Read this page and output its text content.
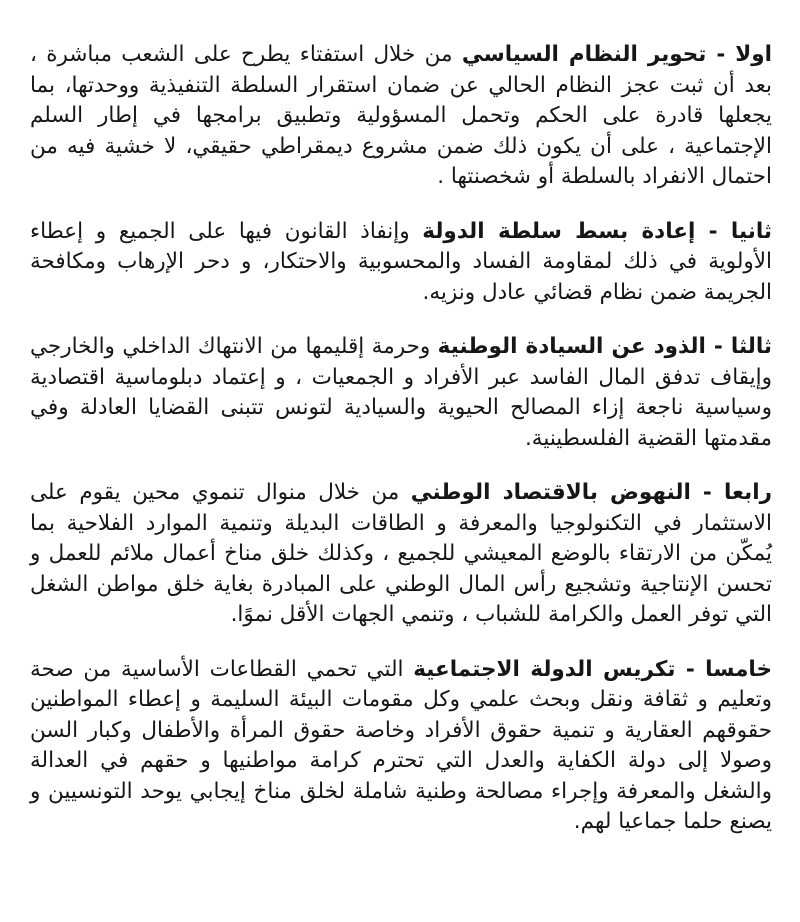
اولا - تحوير النظام السياسي من خلال استفتاء يطرح على الشعب مباشرة ، بعد أن ثبت عجز النظام الحالي عن ضمان استقرار السلطة التنفيذية ووحدتها، بما يجعلها قادرة على الحكم وتحمل المسؤولية وتطبيق برامجها في إطار السلم الإجتماعية ، على أن يكون ذلك ضمن مشروع ديمقراطي حقيقي، لا خشية فيه من احتمال الانفراد بالسلطة أو شخصنتها .

ثانيا - إعادة بسط سلطة الدولة وإنفاذ القانون فيها على الجميع و إعطاء الأولوية في ذلك لمقاومة الفساد والمحسوبية والاحتكار، و دحر الإرهاب ومكافحة الجريمة ضمن نظام قضائي عادل ونزيه.

ثالثا - الذود عن السيادة الوطنية وحرمة إقليمها من الانتهاك الداخلي والخارجي وإيقاف تدفق المال الفاسد عبر الأفراد و الجمعيات ، و إعتماد دبلوماسية اقتصادية وسياسية ناجعة إزاء المصالح الحيوية والسيادية لتونس تتبنى القضايا العادلة وفي مقدمتها القضية الفلسطينية.

رابعا - النهوض بالاقتصاد الوطني من خلال منوال تنموي محين يقوم على الاستثمار في التكنولوجيا والمعرفة و الطاقات البديلة وتنمية الموارد الفلاحية بما يُمكّن من الارتقاء بالوضع المعيشي للجميع ، وكذلك خلق مناخ أعمال ملائم للعمل و تحسن الإنتاجية وتشجيع رأس المال الوطني على المبادرة بغاية خلق مواطن الشغل التي توفر العمل والكرامة للشباب ، وتنمي الجهات الأقل نموًا.

خامسا - تكريس الدولة الاجتماعية التي تحمي القطاعات الأساسية من صحة وتعليم و ثقافة ونقل وبحث علمي وكل مقومات البيئة السليمة و إعطاء المواطنين حقوقهم العقارية و تنمية حقوق الأفراد وخاصة حقوق المرأة والأطفال وكبار السن وصولا إلى دولة الكفاية والعدل التي تحترم كرامة مواطنيها و حقهم في العدالة والشغل والمعرفة وإجراء مصالحة وطنية شاملة لخلق مناخ إيجابي يوحد التونسيين و يصنع حلما جماعيا لهم.
